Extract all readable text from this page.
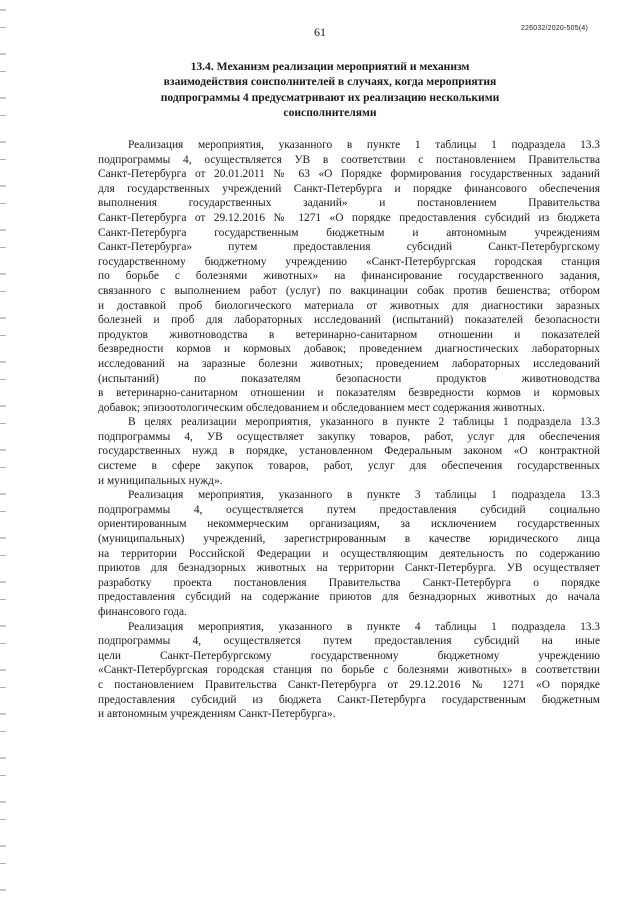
61	226032/2020-505(4)
13.4. Механизм реализации мероприятий и механизм
взаимодействия соисполнителей в случаях, когда мероприятия
подпрограммы 4 предусматривают их реализацию несколькими
соисполнителями
Реализация мероприятия, указанного в пункте 1 таблицы 1 подраздела 13.3
подпрограммы 4, осуществляется УВ в соответствии с постановлением Правительства
Санкт-Петербурга от 20.01.2011 № 63 «О Порядке формирования государственных заданий
для государственных учреждений Санкт-Петербурга и порядке финансового обеспечения
выполнения государственных заданий» и постановлением Правительства
Санкт-Петербурга от 29.12.2016 № 1271 «О порядке предоставления субсидий из бюджета
Санкт-Петербурга государственным бюджетным и автономным учреждениям
Санкт-Петербурга» путем предоставления субсидий Санкт-Петербургскому
государственному бюджетному учреждению «Санкт-Петербургская городская станция
по борьбе с болезнями животных» на финансирование государственного задания,
связанного с выполнением работ (услуг) по вакцинации собак против бешенства; отбором
и доставкой проб биологического материала от животных для диагностики заразных
болезней и проб для лабораторных исследований (испытаний) показателей безопасности
продуктов животноводства в ветеринарно-санитарном отношении и показателей
безвредности кормов и кормовых добавок; проведением диагностических лабораторных
исследований на заразные болезни животных; проведением лабораторных исследований
(испытаний) по показателям безопасности продуктов животноводства
в ветеринарно-санитарном отношении и показателям безвредности кормов и кормовых
добавок; эпизоотологическим обследованием и обследованием мест содержания животных.
В целях реализации мероприятия, указанного в пункте 2 таблицы 1 подраздела 13.3
подпрограммы 4, УВ осуществляет закупку товаров, работ, услуг для обеспечения
государственных нужд в порядке, установленном Федеральным законом «О контрактной
системе в сфере закупок товаров, работ, услуг для обеспечения государственных
и муниципальных нужд».
Реализация мероприятия, указанного в пункте 3 таблицы 1 подраздела 13.3
подпрограммы 4, осуществляется путем предоставления субсидий социально
ориентированным некоммерческим организациям, за исключением государственных
(муниципальных) учреждений, зарегистрированным в качестве юридического лица
на территории Российской Федерации и осуществляющим деятельность по содержанию
приютов для безнадзорных животных на территории Санкт-Петербурга. УВ осуществляет
разработку проекта постановления Правительства Санкт-Петербурга о порядке
предоставления субсидий на содержание приютов для безнадзорных животных до начала
финансового года.
Реализация мероприятия, указанного в пункте 4 таблицы 1 подраздела 13.3
подпрограммы 4, осуществляется путем предоставления субсидий на иные
цели Санкт-Петербургскому государственному бюджетному учреждению
«Санкт-Петербургская городская станция по борьбе с болезнями животных» в соответствии
с постановлением Правительства Санкт-Петербурга от 29.12.2016 № 1271 «О порядке
предоставления субсидий из бюджета Санкт-Петербурга государственным бюджетным
и автономным учреждениям Санкт-Петербурга».
